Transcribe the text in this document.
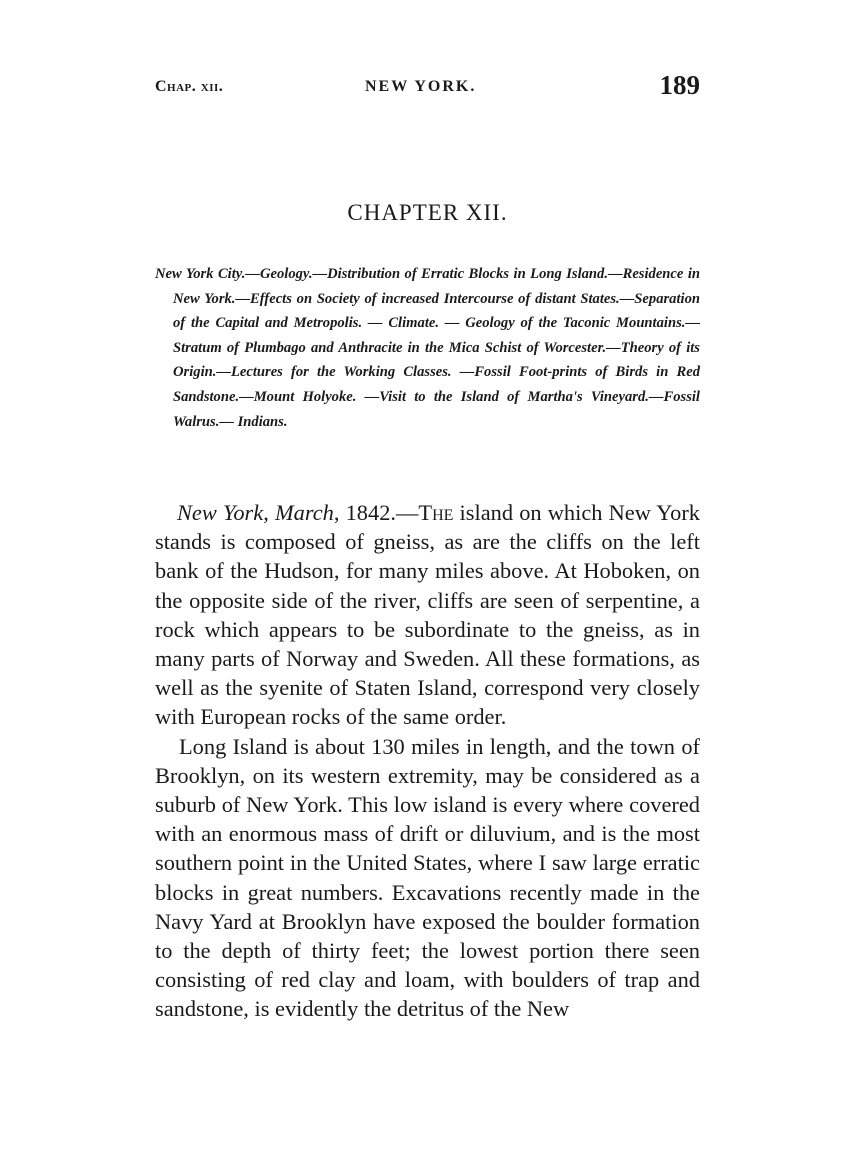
Chap. xii.	NEW YORK.	189
CHAPTER XII.

New York City.—Geology.—Distribution of Erratic Blocks in Long Island.—Residence in New York.—Effects on Society of increased Intercourse of distant States.—Separation of the Capital and Metropolis. — Climate. — Geology of the Taconic Mountains.— Stratum of Plumbago and Anthracite in the Mica Schist of Worcester.—Theory of its Origin.—Lectures for the Working Classes. —Fossil Foot-prints of Birds in Red Sandstone.—Mount Holyoke. —Visit to the Island of Martha's Vineyard.—Fossil Walrus.— Indians.

New York, March, 1842.—The island on which New York stands is composed of gneiss, as are the cliffs on the left bank of the Hudson, for many miles above. At Hoboken, on the opposite side of the river, cliffs are seen of serpentine, a rock which appears to be subordinate to the gneiss, as in many parts of Norway and Sweden. All these formations, as well as the syenite of Staten Island, correspond very closely with European rocks of the same order.

Long Island is about 130 miles in length, and the town of Brooklyn, on its western extremity, may be considered as a suburb of New York. This low island is every where covered with an enormous mass of drift or diluvium, and is the most southern point in the United States, where I saw large erratic blocks in great numbers. Excavations recently made in the Navy Yard at Brooklyn have exposed the boulder formation to the depth of thirty feet; the lowest portion there seen consisting of red clay and loam, with boulders of trap and sandstone, is evidently the detritus of the New
